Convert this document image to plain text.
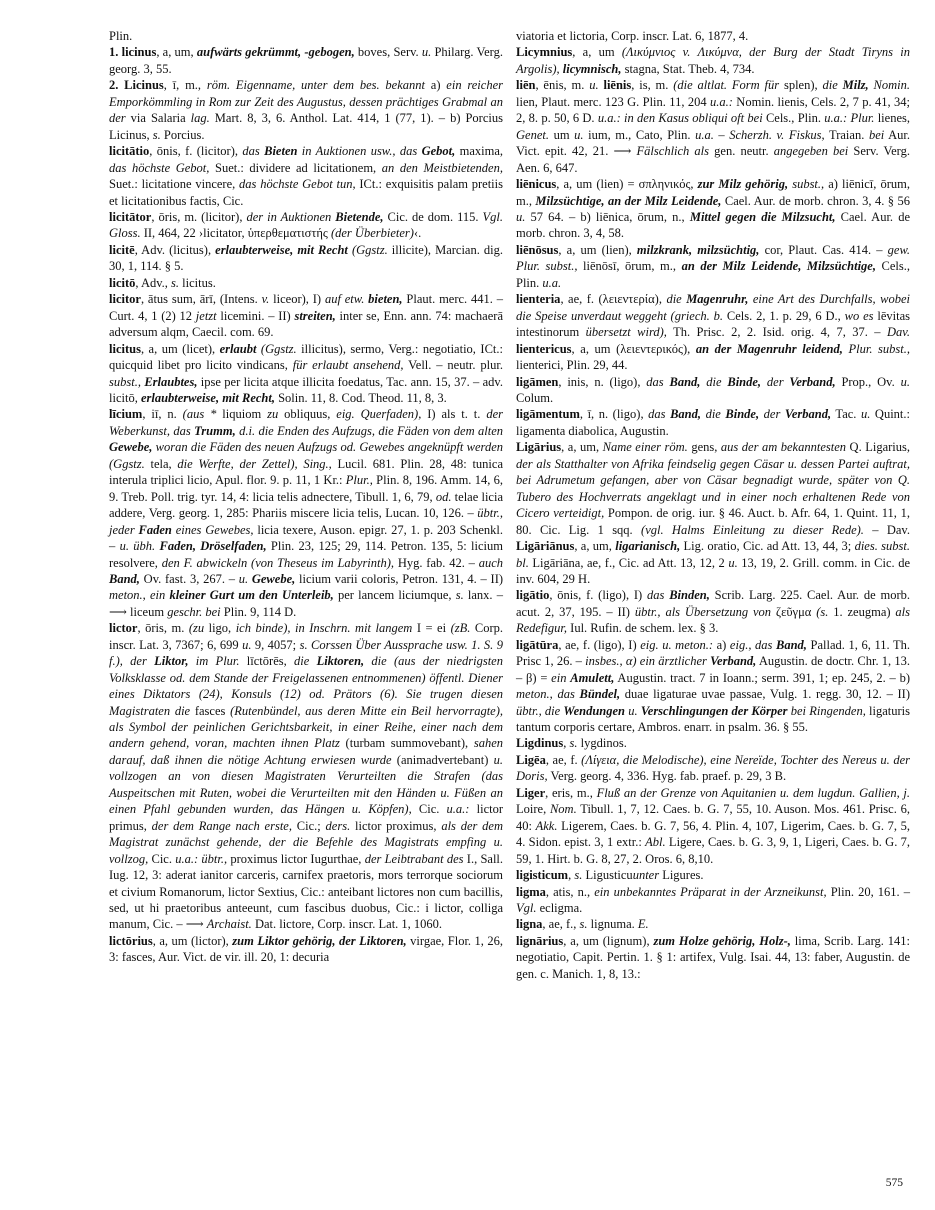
Plin.
1. licinus, a, um, aufwärts gekrümmt, -gebogen, boves, Serv. u. Philarg. Verg. georg. 3, 55.
2. Licinus, ī, m., röm. Eigenname, unter dem bes. bekannt a) ein reicher Emporkömmling in Rom zur Zeit des Augustus, dessen prächtiges Grabmal an der via Salaria lag. Mart. 8, 3, 6. Anthol. Lat. 414, 1 (77, 1). – b) Porcius Licinus, s. Porcius.
licitātio, ōnis, f. (licitor), das Bieten in Auktionen usw., das Gebot, maxima, das höchste Gebot, Suet.: dividere ad licitationem, an den Meistbietenden, Suet.: licitatione vincere, das höchste Gebot tun, ICt.: exquisitis palam pretiis et licitationibus factis, Cic.
licitātor, ōris, m. (licitor), der in Auktionen Bietende, Cic. de dom. 115. Vgl. Gloss. II, 464, 22 ›licitator, ὑπερθεματιστής (der Überbieter)‹.
licitē, Adv. (licitus), erlaubterweise, mit Recht (Ggstz. illicite), Marcian. dig. 30, 1, 114. § 5.
licitō, Adv., s. licitus.
licitor, ātus sum, ārī, (Intens. v. liceor), I) auf etw. bieten, Plaut. merc. 441. – Curt. 4, 1 (2) 12 jetzt licemini. – II) streiten, inter se, Enn. ann. 74: machaerā adversum alqm, Caecil. com. 69.
licitus, a, um (licet), erlaubt (Ggstz. illicitus), sermo, Verg.: negotiatio, ICt.: quicquid libet pro licito vindicans, für erlaubt ansehend, Vell. – neutr. plur. subst., Erlaubtes, ipse per licita atque illicita foedatus, Tac. ann. 15, 37. – adv. licitō, erlaubterweise, mit Recht, Solin. 11, 8. Cod. Theod. 11, 8, 3.
līcium, iī, n. (aus * liquiom zu obliquus, eig. Querfaden), I) als t. t. der Weberkunst, das Trumm, d.i. die Enden des Aufzugs, die Fäden von dem alten Gewebe, woran die Fäden des neuen Aufzugs od. Gewebes angeknüpft werden (Ggstz. tela, die Werfte, der Zettel), Sing., Lucil. 681. Plin. 28, 48: tunica interula triplici licio, Apul. flor. 9. p. 11, 1 Kr.: Plur., Plin. 8, 196. Amm. 14, 6, 9. Treb. Poll. trig. tyr. 14, 4: licia telis adnectere, Tibull. 1, 6, 79, od. telae licia addere, Verg. georg. 1, 285: Phariis miscere licia telis, Lucan. 10, 126. – übtr., jeder Faden eines Gewebes, licia texere, Auson. epigr. 27, 1. p. 203 Schenkl. – u. übh. Faden, Dröselfaden, Plin. 23, 125; 29, 114. Petron. 135, 5: licium resolvere, den F. abwickeln (von Theseus im Labyrinth), Hyg. fab. 42. – auch Band, Ov. fast. 3, 267. – u. Gewebe, licium varii coloris, Petron. 131, 4. – II) meton., ein kleiner Gurt um den Unterleib, per lancem liciumque, s. lanx. – ⟶ liceum geschr. bei Plin. 9, 114 D.
lictor, ōris, m. (zu ligo, ich binde), in Inschrn. mit langem I = ei (zB. Corp. inscr. Lat. 3, 7367; 6, 699 u. 9, 4057; s. Corssen Über Aussprache usw. 1. S. 9 f.), der Liktor, im Plur. līctōrēs, die Liktoren, die (aus der niedrigsten Volksklasse od. dem Stande der Freigelassenen entnommenen) öffentl. Diener eines Diktators (24), Konsuls (12) od. Prätors (6). Sie trugen diesen Magistraten die fasces (Rutenbündel, aus deren Mitte ein Beil hervorragte), als Symbol der peinlichen Gerichtsbarkeit, in einer Reihe, einer nach dem andern gehend, voran, machten ihnen Platz (turbam summovebant), sahen darauf, daß ihnen die nötige Achtung erwiesen wurde (animadvertebant) u. vollzogen an von diesen Magistraten Verurteilten die Strafen (das Auspeitschen mit Ruten, wobei die Verurteilten mit den Händen u. Füßen an einen Pfahl gebunden wurden, das Hängen u. Köpfen), Cic. u.a.: lictor primus, der dem Range nach erste, Cic.; ders. lictor proximus, als der dem Magistrat zunächst gehende, der die Befehle des Magistrats empfing u. vollzog, Cic. u.a.: übtr., proximus lictor Iugurthae, der Leibtrabant des I., Sall. Iug. 12, 3: aderat ianitor carceris, carnifex praetoris, mors terrorque sociorum et civium Romanorum, lictor Sextius, Cic.: anteibant lictores non cum bacillis, sed, ut hi praetoribus anteeunt, cum fascibus duobus, Cic.: i lictor, colliga manum, Cic. – ⟶ Archaist. Dat. lictore, Corp. inscr. Lat. 1, 1060.
lictōrius, a, um (lictor), zum Liktor gehörig, der Liktoren, virgae, Flor. 1, 26, 3: fasces, Aur. Vict. de vir. ill. 20, 1: decuria
viatoria et lictoria, Corp. inscr. Lat. 6, 1877, 4.
Licymnius, a, um (Λικύμνιος v. Λικύμνα, der Burg der Stadt Tiryns in Argolis), licymnisch, stagna, Stat. Theb. 4, 734.
liēn, ēnis, m. u. liēnis, is, m. (die altlat. Form für splen), die Milz, Nomin. lien, Plaut. merc. 123 G. Plin. 11, 204 u.a.: Nomin. lienis, Cels. 2, 7 p. 41, 34; 2, 8. p. 50, 6 D. u.a.: in den Kasus obliqui oft bei Cels., Plin. u.a.: Plur. lienes, Genet. um u. ium, m., Cato, Plin. u.a. – Scherzh. v. Fiskus, Traian. bei Aur. Vict. epit. 42, 21. ⟶ Fälschlich als gen. neutr. angegeben bei Serv. Verg. Aen. 6, 647.
liēnicus, a, um (lien) = σπληνικός, zur Milz gehörig, subst., a) liēnicī, ōrum, m., Milzsüchtige, an der Milz Leidende, Cael. Aur. de morb. chron. 3, 4. § 56 u. 57 64. – b) liēnica, ōrum, n., Mittel gegen die Milzsucht, Cael. Aur. de morb. chron. 3, 4, 58.
liēnōsus, a, um (lien), milzkrank, milzsüchtig, cor, Plaut. Cas. 414. – gew. Plur. subst., liēnōsī, ōrum, m., an der Milz Leidende, Milzsüchtige, Cels., Plin. u.a.
lienteria, ae, f. (λειεντερία), die Magenruhr, eine Art des Durchfalls, wobei die Speise unverdaut weggeht (griech. b. Cels. 2, 1. p. 29, 6 D., wo es lēvitas intestinorum übersetzt wird), Th. Prisc. 2, 2. Isid. orig. 4, 7, 37. – Dav. lientericus, a, um (λειεντερικός), an der Magenruhr leidend, Plur. subst., lienterici, Plin. 29, 44.
ligāmen, inis, n. (ligo), das Band, die Binde, der Verband, Prop., Ov. u. Colum.
ligāmentum, ī, n. (ligo), das Band, die Binde, der Verband, Tac. u. Quint.: ligamenta diabolica, Augustin.
Ligārius, a, um, Name einer röm. gens, aus der am bekanntesten Q. Ligarius, der als Statthalter von Afrika feindselig gegen Cäsar u. dessen Partei auftrat, bei Adrumetum gefangen, aber von Cäsar begnadigt wurde, später von Q. Tubero des Hochverrats angeklagt und in einer noch erhaltenen Rede von Cicero verteidigt, Pompon. de orig. iur. § 46. Auct. b. Afr. 64, 1. Quint. 11, 1, 80. Cic. Lig. 1 sqq. (vgl. Halms Einleitung zu dieser Rede). – Dav. Ligāriānus, a, um, ligarianisch, Lig. oratio, Cic. ad Att. 13, 44, 3; dies. subst. bl. Ligāriāna, ae, f., Cic. ad Att. 13, 12, 2 u. 13, 19, 2. Grill. comm. in Cic. de inv. 604, 29 H.
ligātio, ōnis, f. (ligo), I) das Binden, Scrib. Larg. 225. Cael. Aur. de morb. acut. 2, 37, 195. – II) übtr., als Übersetzung von ζεῦγμα (s. 1. zeugma) als Redefigur, Iul. Rufin. de schem. lex. § 3.
ligātūra, ae, f. (ligo), I) eig. u. meton.: a) eig., das Band, Pallad. 1, 6, 11. Th. Prisc 1, 26. – insbes., α) ein ärztlicher Verband, Augustin. de doctr. Chr. 1, 13. – β) = ein Amulett, Augustin. tract. 7 in Ioann.; serm. 391, 1; ep. 245, 2. – b) meton., das Bündel, duae ligaturae uvae passae, Vulg. 1. regg. 30, 12. – II) übtr., die Wendungen u. Verschlingungen der Körper bei Ringenden, ligaturis tantum corporis certare, Ambros. enarr. in psalm. 36. § 55.
Ligdinus, s. lygdinos.
Ligēa, ae, f. (Λίγεια, die Melodische), eine Nereïde, Tochter des Nereus u. der Doris, Verg. georg. 4, 336. Hyg. fab. praef. p. 29, 3 B.
Liger, eris, m., Fluß an der Grenze von Aquitanien u. dem lugdun. Gallien, j. Loire, Nom. Tibull. 1, 7, 12. Caes. b. G. 7, 55, 10. Auson. Mos. 461. Prisc. 6, 40: Akk. Ligerem, Caes. b. G. 7, 56, 4. Plin. 4, 107, Ligerim, Caes. b. G. 7, 5, 4. Sidon. epist. 3, 1 extr.: Abl. Ligere, Caes. b. G. 3, 9, 1, Ligeri, Caes. b. G. 7, 59, 1. Hirt. b. G. 8, 27, 2. Oros. 6, 8,10.
ligisticum, s. Ligusticuunter Ligures.
ligma, atis, n., ein unbekanntes Präparat in der Arzneikunst, Plin. 20, 161. – Vgl. ecligma.
ligna, ae, f., s. lignuma. E.
lignārius, a, um (lignum), zum Holze gehörig, Holz-, lima, Scrib. Larg. 141: negotiatio, Capit. Pertin. 1. § 1: artifex, Vulg. Isai. 44, 13: faber, Augustin. de gen. c. Manich. 1, 8, 13.:
575
